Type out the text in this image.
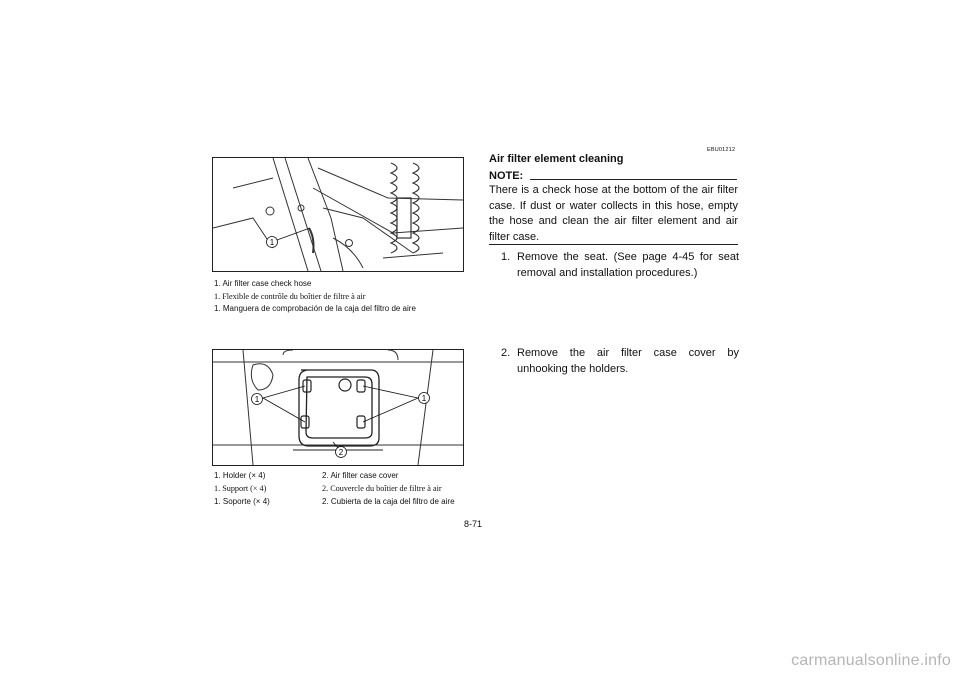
1
1. Air filter case check hose
1. Flexible de contrôle du boîtier de filtre à air
1. Manguera de comprobación de la caja del filtro de aire
1	1
2
1. Holder (× 4)	2. Air filter case cover
1. Support (× 4)	2. Couvercle du boîtier de filtre à air
1. Soporte (× 4)	2. Cubierta de la caja del filtro de aire
EBU01212
Air filter element cleaning
NOTE:
There is a check hose at the bottom of the air filter case. If dust or water collects in this hose, empty the hose and clean the air filter element and air filter case.
1. Remove the seat. (See page 4-45 for seat removal and installation procedures.)
2. Remove the air filter case cover by unhooking the holders.
8-71
carmanualsonline.info
